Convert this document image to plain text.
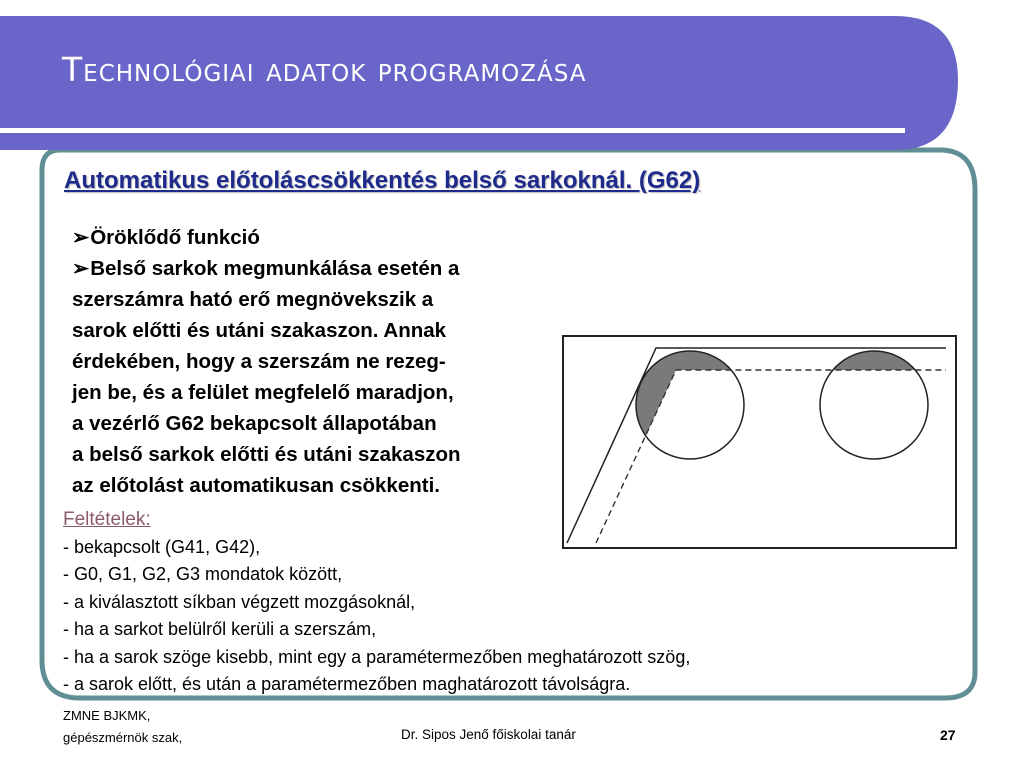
Technológiai adatok programozása
Automatikus előtoláscsökkentés belső sarkoknál. (G62)
➢Öröklődő funkció
➢Belső sarkok megmunkálása esetén a
szerszámra ható erő megnövekszik a
sarok előtti és utáni szakaszon. Annak
érdekében, hogy a szerszám ne rezeg-
jen be, és a felület megfelelő maradjon,
a vezérlő G62 bekapcsolt állapotában
a belső sarkok előtti és utáni szakaszon
az előtolást automatikusan csökkenti.
Feltételek:
- bekapcsolt (G41, G42),
- G0, G1, G2, G3 mondatok között,
- a kiválasztott síkban végzett mozgásoknál,
- ha a sarkot belülről kerüli a szerszám,
- ha a sarok szöge kisebb, mint egy a paramétermezőben meghatározott szög,
- a sarok előtt, és után a paramétermezőben maghatározott távolságra.
ZMNE BJKMK,
gépészmérnök szak,	Dr. Sipos Jenő főiskolai tanár	27
